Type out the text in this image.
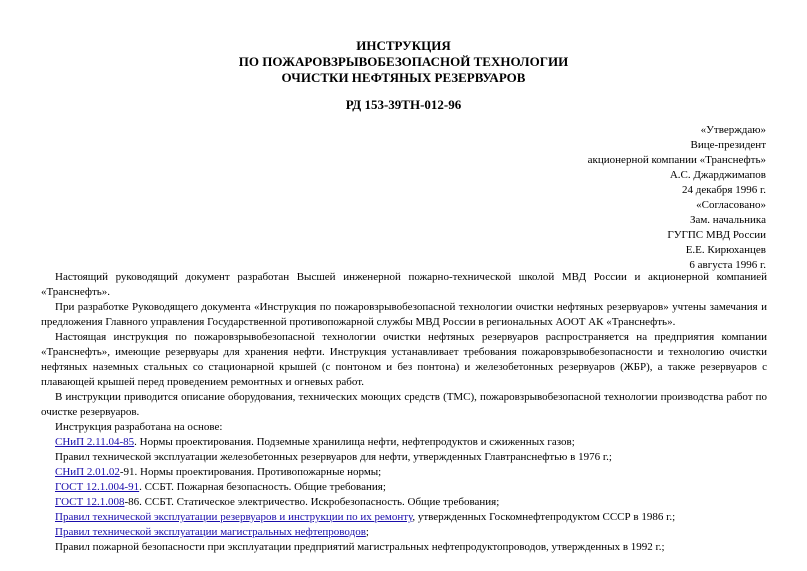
ИНСТРУКЦИЯ
ПО ПОЖАРОВЗРЫВОБЕЗОПАСНОЙ ТЕХНОЛОГИИ
ОЧИСТКИ НЕФТЯНЫХ РЕЗЕРВУАРОВ
РД 153-39ТН-012-96
«Утверждаю»
Вице-президент
акционерной компании «Транснефть»
А.С. Джарджимапов
24 декабря 1996 г.
«Согласовано»
Зам. начальника
ГУГПС МВД России
Е.Е. Кирюханцев
6 августа 1996 г.

Настоящий руководящий документ разработан Высшей инженерной пожарно-технической школой МВД России и акционерной компанией «Транснефть».

При разработке Руководящего документа «Инструкция по пожаровзрывобезопасной технологии очистки нефтяных резервуаров» учтены замечания и предложения Главного управления Государственной противопожарной службы МВД России в региональных АООТ АК «Транснефть».

Настоящая инструкция по пожаровзрывобезопасной технологии очистки нефтяных резервуаров распространяется на предприятия компании «Транснефть», имеющие резервуары для хранения нефти. Инструкция устанавливает требования пожаровзрывобезопасности и технологию очистки нефтяных наземных стальных со стационарной крышей (с понтоном и без понтона) и железобетонных резервуаров (ЖБР), а также резервуаров с плавающей крышей перед проведением ремонтных и огневых работ.

В инструкции приводится описание оборудования, технических моющих средств (ТМС), пожаровзрывобезопасной технологии производства работ по очистке резервуаров.

Инструкция разработана на основе:

СНиП 2.11.04-85. Нормы проектирования. Подземные хранилища нефти, нефтепродуктов и сжиженных газов;
Правил технической эксплуатации железобетонных резервуаров для нефти, утвержденных Главтранснефтью в 1976 г.;
СНиП 2.01.02-91. Нормы проектирования. Противопожарные нормы;
ГОСТ 12.1.004-91. ССБТ. Пожарная безопасность. Общие требования;
ГОСТ 12.1.008-86. ССБТ. Статическое электричество. Искробезопасность. Общие требования;
Правил технической эксплуатации резервуаров и инструкции по их ремонту, утвержденных Госкомнефтепродуктом СССР в 1986 г.;
Правил технической эксплуатации магистральных нефтепроводов;
Правил пожарной безопасности при эксплуатации предприятий магистральных нефтепродуктопроводов, утвержденных в 1992 г.;
